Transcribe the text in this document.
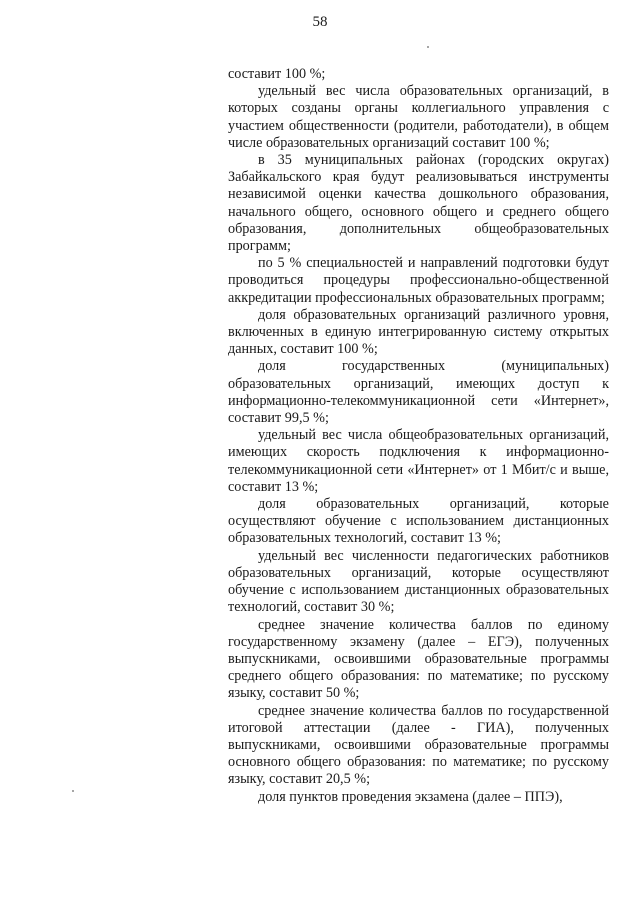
58

составит 100 %;

удельный вес числа образовательных организаций, в которых созданы органы коллегиального управления с участием общественности (родители, работодатели), в общем числе образовательных организаций составит 100 %;

в 35 муниципальных районах (городских округах) Забайкальского края будут реализовываться инструменты независимой оценки качества дошкольного образования, начального общего, основного общего и среднего общего образования, дополнительных общеобразовательных программ;

по 5 % специальностей и направлений подготовки будут проводиться процедуры профессионально-общественной аккредитации профессиональных образовательных программ;

доля образовательных организаций различного уровня, включенных в единую интегрированную систему открытых данных, составит 100 %;

доля государственных (муниципальных) образовательных организаций, имеющих доступ к информационно-телекоммуникационной сети «Интернет», составит 99,5 %;

удельный вес числа общеобразовательных организаций, имеющих скорость подключения к информационно-телекоммуникационной сети «Интернет» от 1 Мбит/с и выше, составит 13 %;

доля образовательных организаций, которые осуществляют обучение с использованием дистанционных образовательных технологий, составит 13 %;

удельный вес численности педагогических работников образовательных организаций, которые осуществляют обучение с использованием дистанционных образовательных технологий, составит 30 %;

среднее значение количества баллов по единому государственному экзамену (далее – ЕГЭ), полученных выпускниками, освоившими образовательные программы среднего общего образования: по математике; по русскому языку, составит 50 %;

среднее значение количества баллов по государственной итоговой аттестации (далее - ГИА), полученных выпускниками, освоившими образовательные программы основного общего образования: по математике; по русскому языку, составит 20,5 %;

доля пунктов проведения экзамена (далее – ППЭ),
